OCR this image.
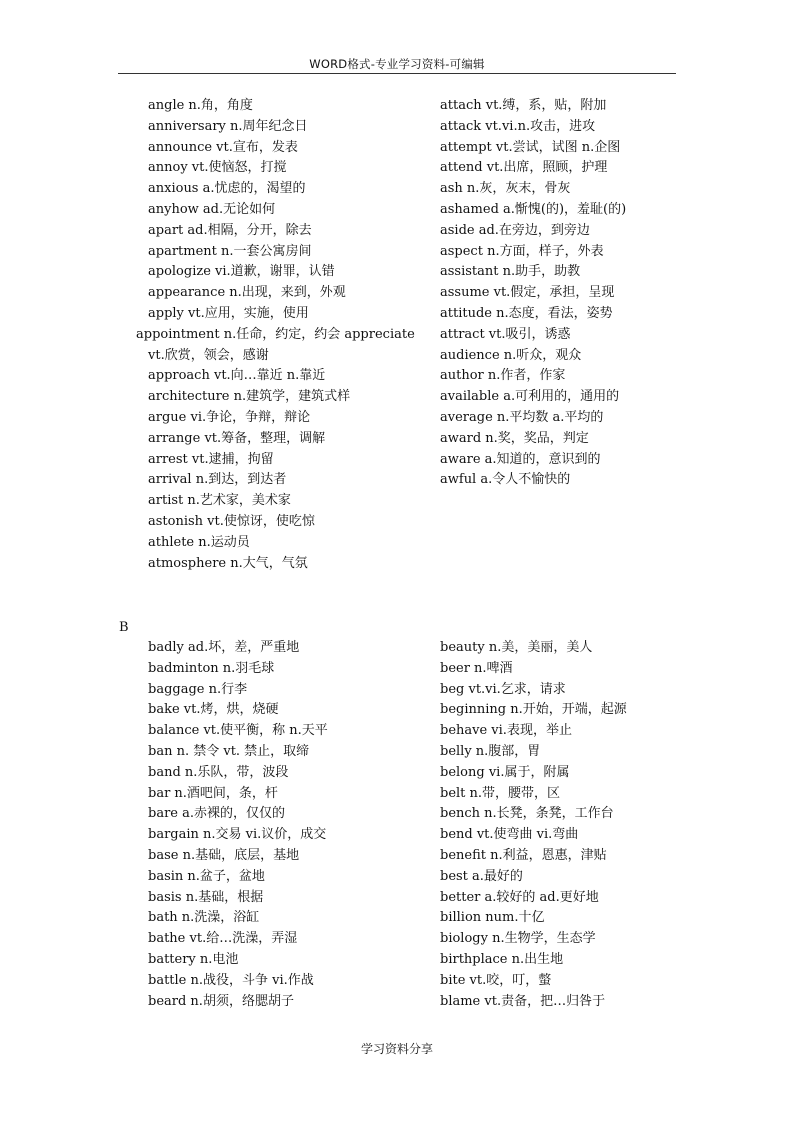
WORD格式-专业学习资料-可编辑
angle n.角，角度
anniversary n.周年纪念日
announce vt.宣布，发表
annoy vt.使恼怒，打搅
anxious a.忧虑的，渴望的
anyhow ad.无论如何
apart ad.相隔，分开，除去
apartment n.一套公寓房间
apologize vi.道歉，谢罪，认错
appearance n.出现，来到，外观
apply vt.应用，实施，使用
appointment n.任命，约定，约会 appreciate
vt.欣赏，领会，感谢
approach vt.向…靠近 n.靠近
architecture n.建筑学，建筑式样
argue vi.争论，争辩，辩论
arrange vt.筹备，整理，调解
arrest vt.逮捕，拘留
arrival n.到达，到达者
artist n.艺术家，美术家
astonish vt.使惊讶，使吃惊
athlete n.运动员
atmosphere n.大气，气氛
attach vt.缚，系，贴，附加
attack vt.vi.n.攻击，进攻
attempt vt.尝试，试图 n.企图
attend vt.出席，照顾，护理
ash n.灰，灰末，骨灰
ashamed a.惭愧(的)，羞耻(的)
aside ad.在旁边，到旁边
aspect n.方面，样子，外表
assistant n.助手，助教
assume vt.假定，承担，呈现
attitude n.态度，看法，姿势
attract vt.吸引，诱惑
audience n.听众，观众
author n.作者，作家
available a.可利用的，通用的
average n.平均数 a.平均的
award n.奖，奖品，判定
aware a.知道的，意识到的
awful a.令人不愉快的
B
badly ad.坏，差，严重地
badminton n.羽毛球
baggage n.行李
bake vt.烤，烘，烧硬
balance vt.使平衡，称 n.天平
ban n. 禁令 vt. 禁止，取缔
band n.乐队，带，波段
bar n.酒吧间，条，杆
bare a.赤裸的，仅仅的
bargain n.交易 vi.议价，成交
base n.基础，底层，基地
basin n.盆子，盆地
basis n.基础，根据
bath n.洗澡，浴缸
bathe vt.给…洗澡，弄湿
battery n.电池
battle n.战役，斗争 vi.作战
beard n.胡须，络腮胡子
beauty n.美，美丽，美人
beer n.啤酒
beg vt.vi.乞求，请求
beginning n.开始，开端，起源
behave vi.表现，举止
belly n.腹部，胃
belong vi.属于，附属
belt n.带，腰带，区
bench n.长凳，条凳，工作台
bend vt.使弯曲 vi.弯曲
benefit n.利益，恩惠，津贴
best a.最好的
better a.较好的 ad.更好地
billion num.十亿
biology n.生物学，生态学
birthplace n.出生地
bite vt.咬，叮，螫
blame vt.责备，把…归咎于
学习资料分享
